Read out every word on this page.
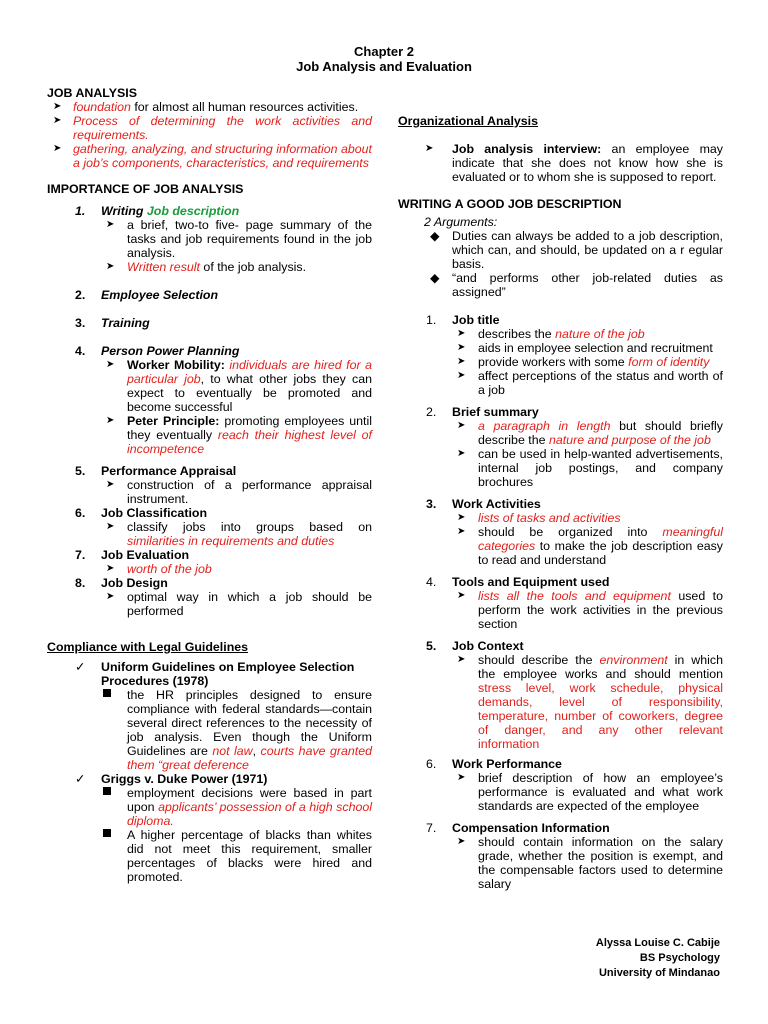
Chapter 2
Job Analysis and Evaluation

JOB ANALYSIS

➤ foundation for almost all human resources activities.
➤ Process of determining the work activities and requirements.
➤ gathering, analyzing, and structuring information about a job’s components, characteristics, and requirements

IMPORTANCE OF JOB ANALYSIS

1. Writing Job description
➤ a brief, two-to five- page summary of the tasks and job requirements found in the job analysis.
➤ Written result of the job analysis.
2. Employee Selection
3. Training
4. Person Power Planning
➤ Worker Mobility: individuals are hired for a particular job, to what other jobs they can expect to eventually be promoted and become successful
➤ Peter Principle: promoting employees until they eventually reach their highest level of incompetence
5. Performance Appraisal
➤ construction of a performance appraisal instrument.
6. Job Classification
➤ classify jobs into groups based on similarities in requirements and duties
7. Job Evaluation
➤ worth of the job
8. Job Design
➤ optimal way in which a job should be performed

Compliance with Legal Guidelines

✓ Uniform Guidelines on Employee Selection Procedures (1978)
the HR principles designed to ensure compliance with federal standards—contain several direct references to the necessity of job analysis. Even though the Uniform Guidelines are not law, courts have granted them “great deference
✓ Griggs v. Duke Power (1971)
employment decisions were based in part upon applicants’ possession of a high school diploma.
A higher percentage of blacks than whites did not meet this requirement, smaller percentages of blacks were hired and promoted.

Organizational Analysis

➤ Job analysis interview: an employee may indicate that she does not know how she is evaluated or to whom she is supposed to report.

WRITING A GOOD JOB DESCRIPTION

2 Arguments:
◆ Duties can always be added to a job description, which can, and should, be updated on a r egular basis.
◆ “and performs other job-related duties as assigned”
1. Job title
➤ describes the nature of the job
➤ aids in employee selection and recruitment
➤ provide workers with some form of identity
➤ affect perceptions of the status and worth of a job
2. Brief summary
➤ a paragraph in length but should briefly describe the nature and purpose of the job
➤ can be used in help-wanted advertisements, internal job postings, and company brochures
3. Work Activities
➤ lists of tasks and activities
➤ should be organized into meaningful categories to make the job description easy to read and understand
4. Tools and Equipment used
➤ lists all the tools and equipment used to perform the work activities in the previous section
5. Job Context
➤ should describe the environment in which the employee works and should mention stress level, work schedule, physical demands, level of responsibility, temperature, number of coworkers, degree of danger, and any other relevant information
6. Work Performance
➤ brief description of how an employee’s performance is evaluated and what work standards are expected of the employee
7. Compensation Information
➤ should contain information on the salary grade, whether the position is exempt, and the compensable factors used to determine salary
Alyssa Louise C. Cabije
BS Psychology
University of Mindanao
